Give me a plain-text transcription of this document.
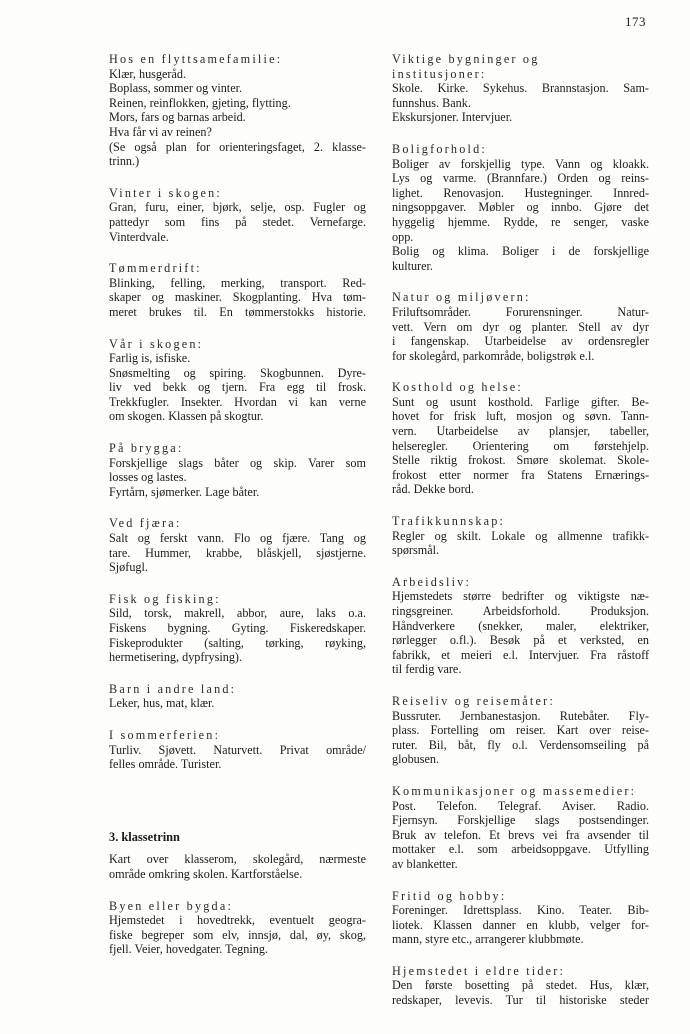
173
Hos en flyttsamefamilie:
Klær, husgeråd.
Boplass, sommer og vinter.
Reinen, reinflokken, gjeting, flytting.
Mors, fars og barnas arbeid.
Hva får vi av reinen?
(Se også plan for orienteringsfaget, 2. klasse-
trinn.)
Vinter i skogen:
Gran, furu, einer, bjørk, selje, osp. Fugler og
pattedyr som fins på stedet. Vernefarge.
Vinterdvale.
Tømmerdrift:
Blinking, felling, merking, transport. Red-
skaper og maskiner. Skogplanting. Hva tøm-
meret brukes til. En tømmerstokks historie.
Vår i skogen:
Farlig is, isfiske.
Snøsmelting og spiring. Skogbunnen. Dyre-
liv ved bekk og tjern. Fra egg til frosk.
Trekkfugler. Insekter. Hvordan vi kan verne
om skogen. Klassen på skogtur.
På brygga:
Forskjellige slags båter og skip. Varer som
losses og lastes.
Fyrtårn, sjømerker. Lage båter.
Ved fjæra:
Salt og ferskt vann. Flo og fjære. Tang og
tare. Hummer, krabbe, blåskjell, sjøstjerne.
Sjøfugl.
Fisk og fisking:
Sild, torsk, makrell, abbor, aure, laks o.a.
Fiskens bygning. Gyting. Fiskeredskaper.
Fiskeprodukter (salting, tørking, røyking,
hermetisering, dypfrysing).
Barn i andre land:
Leker, hus, mat, klær.
I sommerferien:
Turliv. Sjøvett. Naturvett. Privat område/
felles område. Turister.
3. klassetrinn
Kart over klasserom, skolegård, nærmeste
område omkring skolen. Kartforståelse.
Byen eller bygda:
Hjemstedet i hovedtrekk, eventuelt geogra-
fiske begreper som elv, innsjø, dal, øy, skog,
fjell. Veier, hovedgater. Tegning.
Viktige bygninger og
institusjoner:
Skole. Kirke. Sykehus. Brannstasjon. Sam-
funnshus. Bank.
Ekskursjoner. Intervjuer.
Boligforhold:
Boliger av forskjellig type. Vann og kloakk.
Lys og varme. (Brannfare.) Orden og reins-
lighet. Renovasjon. Hustegninger. Innred-
ningsoppgaver. Møbler og innbo. Gjøre det
hyggelig hjemme. Rydde, re senger, vaske
opp.
Bolig og klima. Boliger i de forskjellige
kulturer.
Natur og miljøvern:
Friluftsområder. Forurensninger. Natur-
vett. Vern om dyr og planter. Stell av dyr
i fangenskap. Utarbeidelse av ordensregler
for skolegård, parkområde, boligstrøk e.l.
Kosthold og helse:
Sunt og usunt kosthold. Farlige gifter. Be-
hovet for frisk luft, mosjon og søvn. Tann-
vern. Utarbeidelse av plansjer, tabeller,
helseregler. Orientering om førstehjelp.
Stelle riktig frokost. Smøre skolemat. Skole-
frokost etter normer fra Statens Ernærings-
råd. Dekke bord.
Trafikkunnskap:
Regler og skilt. Lokale og allmenne trafikk-
spørsmål.
Arbeidsliv:
Hjemstedets større bedrifter og viktigste næ-
ringsgreiner. Arbeidsforhold. Produksjon.
Håndverkere (snekker, maler, elektriker,
rørlegger o.fl.). Besøk på et verksted, en
fabrikk, et meieri e.l. Intervjuer. Fra råstoff
til ferdig vare.
Reiseliv og reisemåter:
Bussruter. Jernbanestasjon. Rutebåter. Fly-
plass. Fortelling om reiser. Kart over reise-
ruter. Bil, båt, fly o.l. Verdensomseiling på
globusen.
Kommunikasjoner og massemedier:
Post. Telefon. Telegraf. Aviser. Radio.
Fjernsyn. Forskjellige slags postsendinger.
Bruk av telefon. Et brevs vei fra avsender til
mottaker e.l. som arbeidsoppgave. Utfylling
av blanketter.
Fritid og hobby:
Foreninger. Idrettsplass. Kino. Teater. Bib-
liotek. Klassen danner en klubb, velger for-
mann, styre etc., arrangerer klubbmøte.
Hjemstedet i eldre tider:
Den første bosetting på stedet. Hus, klær,
redskaper, levevis. Tur til historiske steder
